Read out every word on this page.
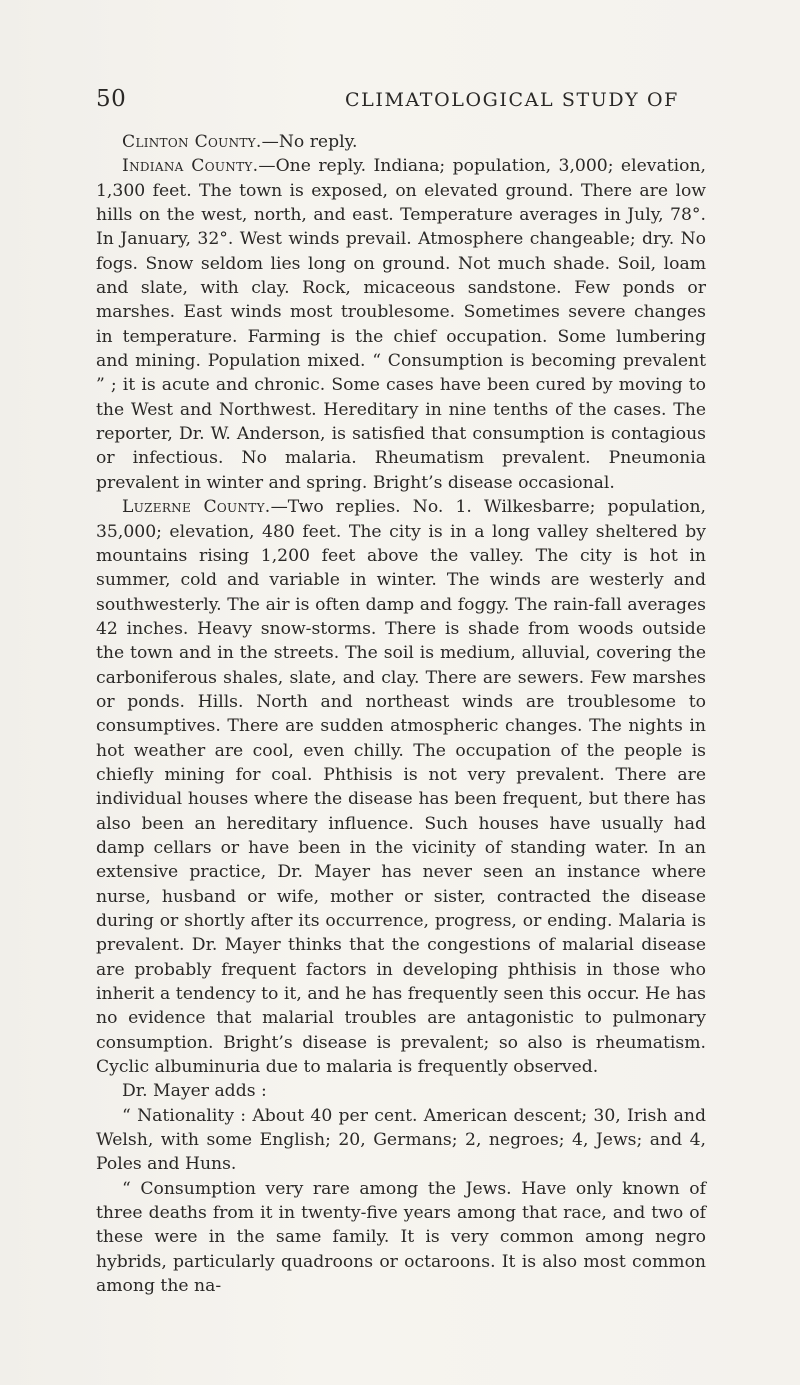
50	CLIMATOLOGICAL STUDY OF

Clinton County.—No reply.

Indiana County.—One reply. Indiana; population, 3,000; elevation, 1,300 feet. The town is exposed, on elevated ground. There are low hills on the west, north, and east. Temperature averages in July, 78°. In January, 32°. West winds prevail. Atmosphere changeable; dry. No fogs. Snow seldom lies long on ground. Not much shade. Soil, loam and slate, with clay. Rock, micaceous sandstone. Few ponds or marshes. East winds most troublesome. Sometimes severe changes in temperature. Farming is the chief occupation. Some lumbering and mining. Population mixed. “ Consumption is becoming prevalent ” ; it is acute and chronic. Some cases have been cured by moving to the West and Northwest. Hereditary in nine tenths of the cases. The reporter, Dr. W. Anderson, is satisfied that consumption is contagious or infectious. No malaria. Rheumatism prevalent. Pneumonia prevalent in winter and spring. Bright’s disease occasional.

Luzerne County.—Two replies. No. 1. Wilkesbarre; population, 35,000; elevation, 480 feet. The city is in a long valley sheltered by mountains rising 1,200 feet above the valley. The city is hot in summer, cold and variable in winter. The winds are westerly and southwesterly. The air is often damp and foggy. The rain-fall averages 42 inches. Heavy snow-storms. There is shade from woods outside the town and in the streets. The soil is medium, alluvial, covering the carboniferous shales, slate, and clay. There are sewers. Few marshes or ponds. Hills. North and northeast winds are troublesome to consumptives. There are sudden atmospheric changes. The nights in hot weather are cool, even chilly. The occupation of the people is chiefly mining for coal. Phthisis is not very prevalent. There are individual houses where the disease has been frequent, but there has also been an hereditary influence. Such houses have usually had damp cellars or have been in the vicinity of standing water. In an extensive practice, Dr. Mayer has never seen an instance where nurse, husband or wife, mother or sister, contracted the disease during or shortly after its occurrence, progress, or ending. Malaria is prevalent. Dr. Mayer thinks that the congestions of malarial disease are probably frequent factors in developing phthisis in those who inherit a tendency to it, and he has frequently seen this occur. He has no evidence that malarial troubles are antagonistic to pulmonary consumption. Bright’s disease is prevalent; so also is rheumatism. Cyclic albuminuria due to malaria is frequently observed.

Dr. Mayer adds :

“ Nationality : About 40 per cent. American descent; 30, Irish and Welsh, with some English; 20, Germans; 2, negroes; 4, Jews; and 4, Poles and Huns.

“ Consumption very rare among the Jews. Have only known of three deaths from it in twenty-five years among that race, and two of these were in the same family. It is very common among negro hybrids, particularly quadroons or octaroons. It is also most common among the na-
